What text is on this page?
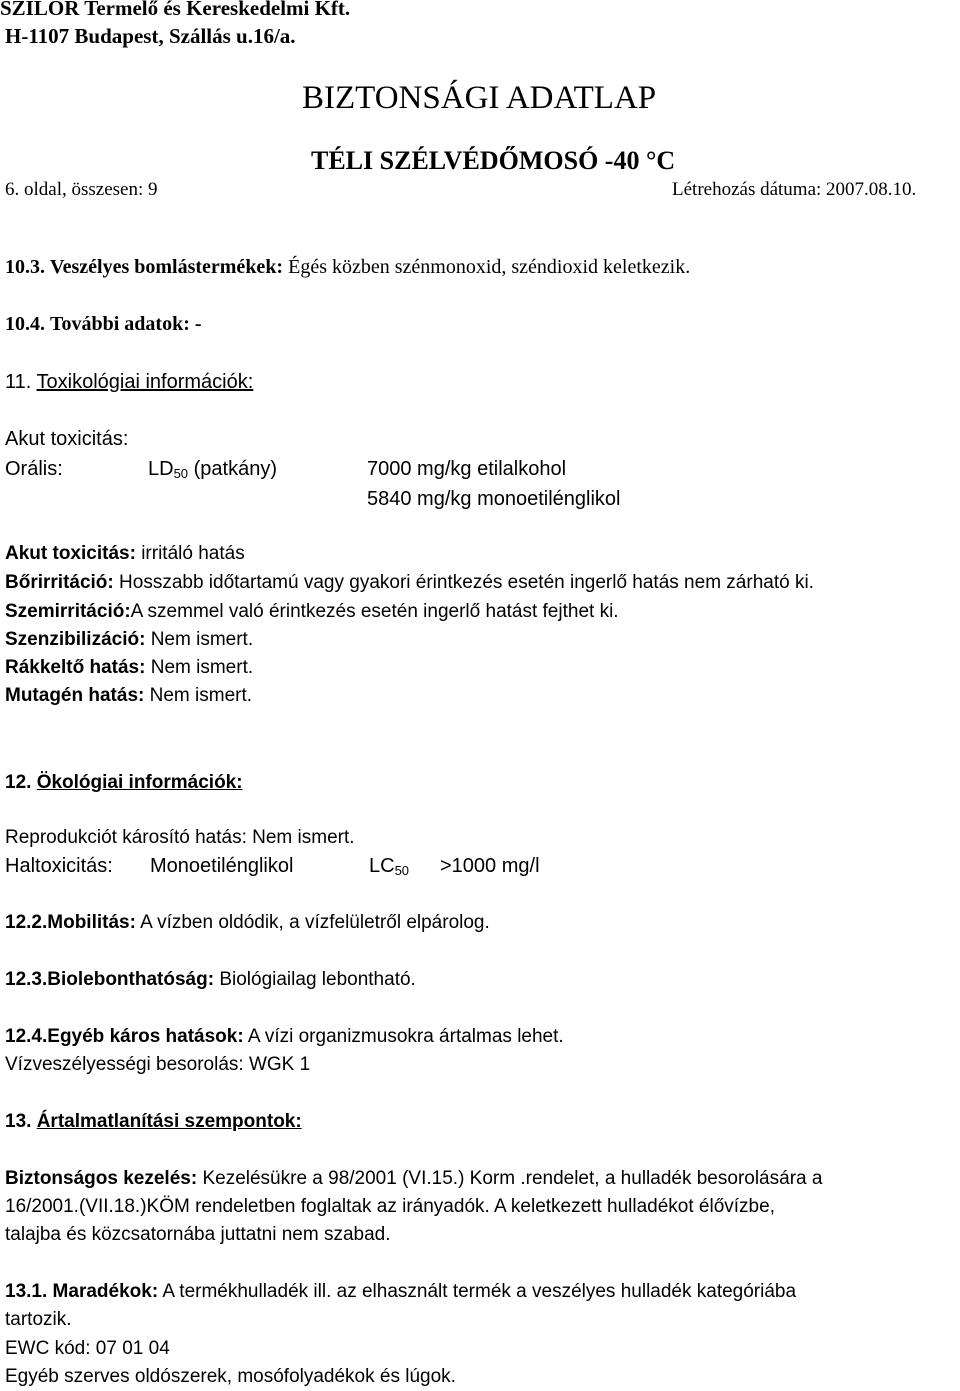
SZILOR Termelő és Kereskedelmi Kft.
H-1107 Budapest, Szállás u.16/a.
BIZTONSÁGI ADATLAP
TÉLI SZÉLVÉDŐMOSÓ -40 °C
6. oldal, összesen: 9	Létrehozás dátuma: 2007.08.10.
10.3. Veszélyes bomlástermékek: Égés közben szénmonoxid, széndioxid keletkezik.
10.4. További adatok: -
11. Toxikológiai információk:
Akut toxicitás:
Orális:	$LD_{50}$ (patkány)	7000 mg/kg etilalkohol
5840 mg/kg monoetilénglikol
Akut toxicitás: irritáló hatás
Bőrirritáció: Hosszabb időtartamú vagy gyakori érintkezés esetén ingerlő hatás nem zárható ki.
Szemirritáció:A szemmel való érintkezés esetén ingerlő hatást fejthet ki.
Szenzibilizáció: Nem ismert.
Rákkeltő hatás: Nem ismert.
Mutagén hatás: Nem ismert.
12. Ökológiai információk:
Reprodukciót károsító hatás: Nem ismert.
Haltoxicitás: Monoetilénglikol	$LC_{50} >1000$ mg/l
12.2.Mobilitás: A vízben oldódik, a vízfelületről elpárolog.
12.3.Biolebonthatóság: Biológiailag lebontható.
12.4.Egyéb káros hatások: A vízi organizmusokra ártalmas lehet.
Vízveszélyességi besorolás: WGK 1
13. Ártalmatlanítási szempontok:
Biztonságos kezelés: Kezelésükre a 98/2001 (VI.15.) Korm .rendelet, a hulladék besorolására a
16/2001.(VII.18.)KÖM rendeletben foglaltak az irányadók. A keletkezett hulladékot élővízbe,
talajba és közcsatornába juttatni nem szabad.
13.1. Maradékok: A termékhulladék ill. az elhasznált termék a veszélyes hulladék kategóriába
tartozik.
EWC kód: 07 01 04
Egyéb szerves oldószerek, mosófolyadékok és lúgok.
